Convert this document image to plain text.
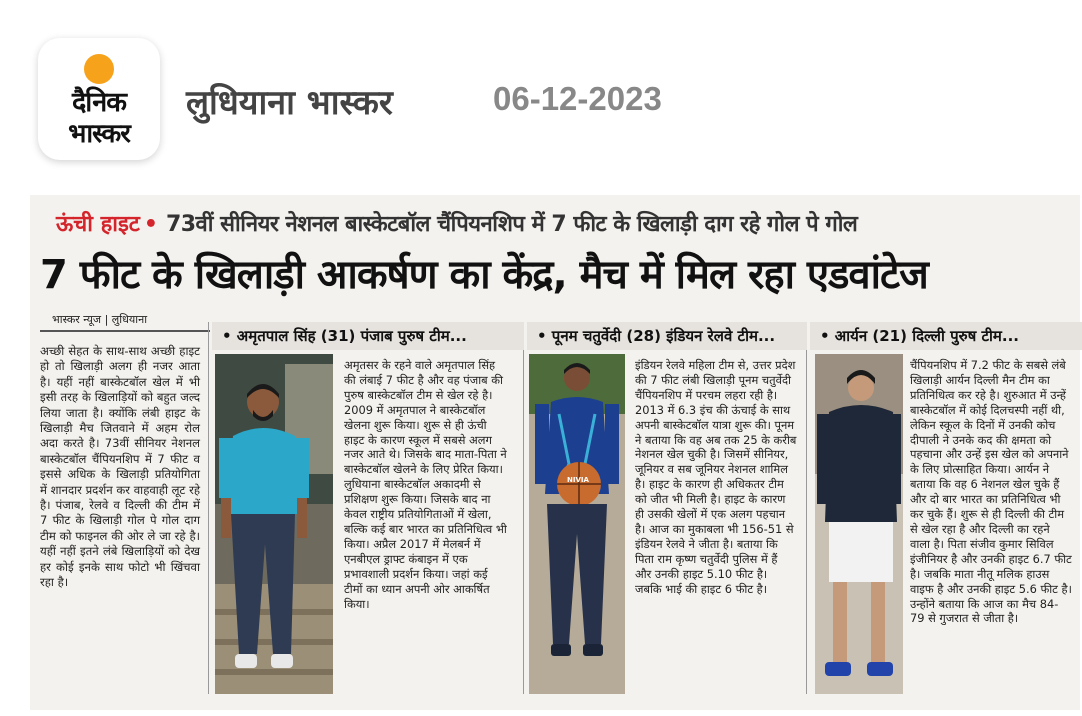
दैनिक
भास्कर
लुधियाना भास्कर	06-12-2023
ऊंची हाइट • 73वीं सीनियर नेशनल बास्केटबॉल चैंपियनशिप में 7 फीट के खिलाड़ी दाग रहे गोल पे गोल
7 फीट के खिलाड़ी आकर्षण का केंद्र, मैच में मिल रहा एडवांटेज
भास्कर न्यूज | लुधियाना
अच्छी सेहत के साथ-साथ अच्छी हाइट हो तो खिलाड़ी अलग ही नजर आता है। यहीं नहीं बास्केटबॉल खेल में भी इसी तरह के खिलाड़ियों को बहुत जल्द लिया जाता है। क्योंकि लंबी हाइट के खिलाड़ी मैच जितवाने में अहम रोल अदा करते है। 73वीं सीनियर नेशनल बास्केटबॉल चैंपियनशिप में 7 फीट व इससे अधिक के खिलाड़ी प्रतियोगिता में शानदार प्रदर्शन कर वाहवाही लूट रहे है। पंजाब, रेलवे व दिल्ली की टीम में 7 फीट के खिलाड़ी गोल पे गोल दाग टीम को फाइनल की ओर ले जा रहे है। यहीं नहीं इतने लंबे खिलाड़ियों को देख हर कोई इनके साथ फोटो भी खिंचवा रहा है।
• अमृतपाल सिंह (31) पंजाब पुरुष टीम...
अमृतसर के रहने वाले अमृतपाल सिंह की लंबाई 7 फीट है और वह पंजाब की पुरुष बास्केटबॉल टीम से खेल रहे है। 2009 में अमृतपाल ने बास्केटबॉल खेलना शुरू किया। शुरू से ही ऊंची हाइट के कारण स्कूल में सबसे अलग नजर आते थे। जिसके बाद माता-पिता ने बास्केटबॉल खेलने के लिए प्रेरित किया। लुधियाना बास्केटबॉल अकादमी से प्रशिक्षण शुरू किया। जिसके बाद ना केवल राष्ट्रीय प्रतियोगिताओं में खेला, बल्कि कई बार भारत का प्रतिनिधित्व भी किया। अप्रैल 2017 में मेलबर्न में एनबीएल ड्राफ्ट कंबाइन में एक प्रभावशाली प्रदर्शन किया। जहां कई टीमों का ध्यान अपनी ओर आकर्षित किया।
• पूनम चतुर्वेदी (28) इंडियन रेलवे टीम...
NIVIA
इंडियन रेलवे महिला टीम से, उत्तर प्रदेश की 7 फीट लंबी खिलाड़ी पूनम चतुर्वेदी चैंपियनशिप में परचम लहरा रही है। 2013 में 6.3 इंच की ऊंचाई के साथ अपनी बास्केटबॉल यात्रा शुरू की। पूनम ने बताया कि वह अब तक 25 के करीब नेशनल खेल चुकी है। जिसमें सीनियर, जूनियर व सब जूनियर नेशनल शामिल है। हाइट के कारण ही अधिकतर टीम को जीत भी मिली है। हाइट के कारण ही उसकी खेलों में एक अलग पहचान है। आज का मुकाबला भी 156-51 से इंडियन रेलवे ने जीता है। बताया कि पिता राम कृष्ण चतुर्वेदी पुलिस में हैं और उनकी हाइट 5.10 फीट है। जबकि भाई की हाइट 6 फीट है।
• आर्यन (21) दिल्ली पुरुष टीम...
चैंपियनशिप में 7.2 फीट के सबसे लंबे खिलाड़ी आर्यन दिल्ली मैन टीम का प्रतिनिधित्व कर रहे है। शुरुआत में उन्हें बास्केटबॉल में कोई दिलचस्पी नहीं थी, लेकिन स्कूल के दिनों में उनकी कोच दीपाली ने उनके कद की क्षमता को पहचाना और उन्हें इस खेल को अपनाने के लिए प्रोत्साहित किया। आर्यन ने बताया कि वह 6 नेशनल खेल चुके हैं और दो बार भारत का प्रतिनिधित्व भी कर चुके हैं। शुरू से ही दिल्ली की टीम से खेल रहा है और दिल्ली का रहने वाला है। पिता संजीव कुमार सिविल इंजीनियर है और उनकी हाइट 6.7 फीट है। जबकि माता नीतू मलिक हाउस वाइफ है और उनकी हाइट 5.6 फीट है। उन्होंने बताया कि आज का मैच 84-79 से गुजरात से जीता है।
